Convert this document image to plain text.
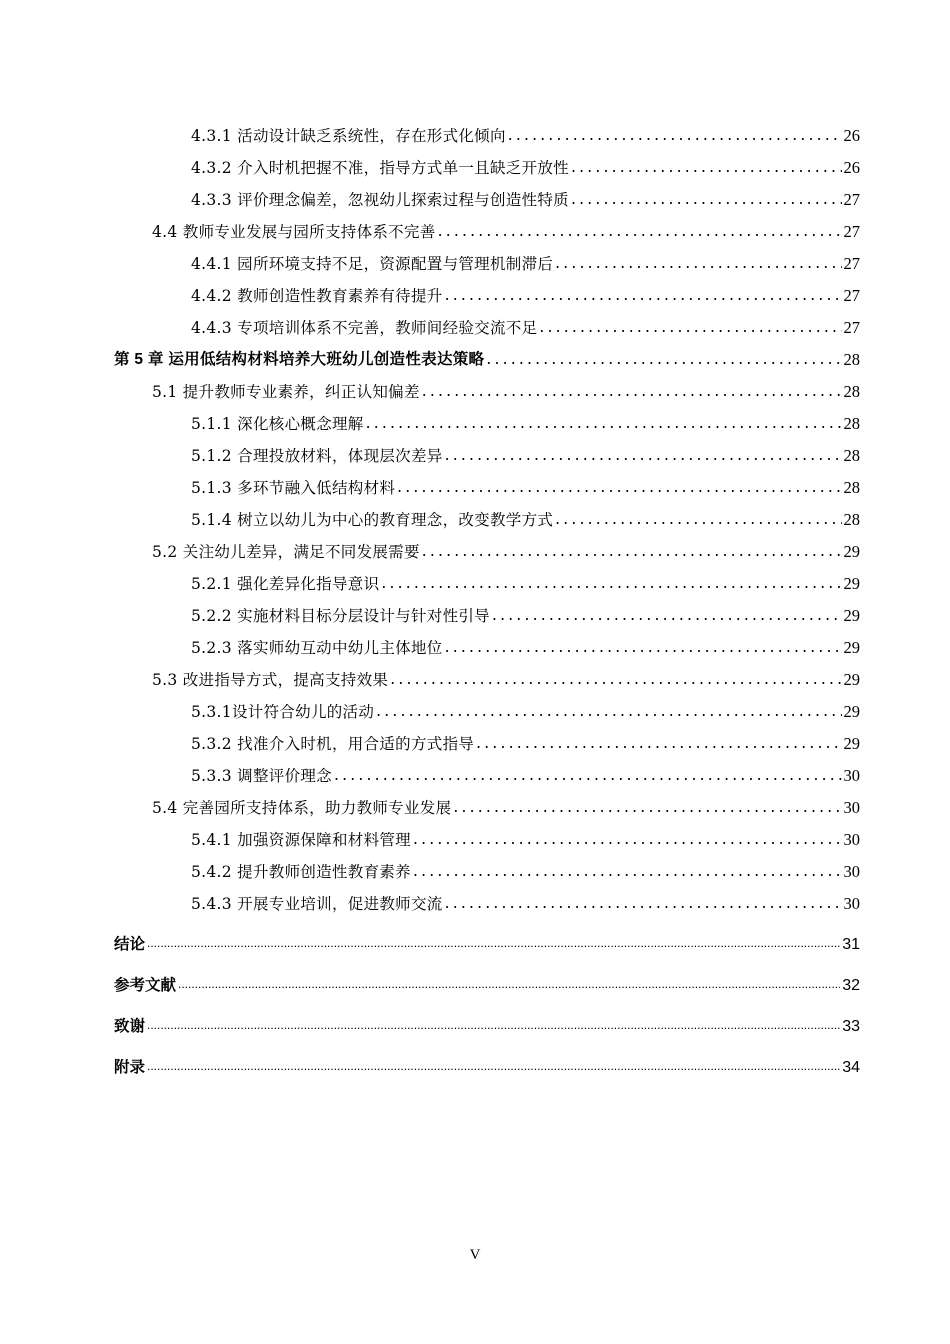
4.3.1 活动设计缺乏系统性，存在形式化倾向 .....	26
4.3.2 介入时机把握不准，指导方式单一且缺乏开放性 .....	26
4.3.3 评价理念偏差，忽视幼儿探索过程与创造性特质 .....	27
4.4 教师专业发展与园所支持体系不完善 .....	27
4.4.1 园所环境支持不足，资源配置与管理机制滞后 .....	27
4.4.2 教师创造性教育素养有待提升 .....	27
4.4.3 专项培训体系不完善，教师间经验交流不足 .....	27
第 5 章 运用低结构材料培养大班幼儿创造性表达策略 .....	28
5.1 提升教师专业素养，纠正认知偏差 .....	28
5.1.1 深化核心概念理解 .....	28
5.1.2 合理投放材料，体现层次差异 .....	28
5.1.3 多环节融入低结构材料 .....	28
5.1.4 树立以幼儿为中心的教育理念，改变教学方式 .....	28
5.2 关注幼儿差异，满足不同发展需要 .....	29
5.2.1 强化差异化指导意识 .....	29
5.2.2 实施材料目标分层设计与针对性引导 .....	29
5.2.3 落实师幼互动中幼儿主体地位 .....	29
5.3 改进指导方式，提高支持效果 .....	29
5.3.1设计符合幼儿的活动 .....	29
5.3.2 找准介入时机，用合适的方式指导 .....	29
5.3.3 调整评价理念 .....	30
5.4 完善园所支持体系，助力教师专业发展 .....	30
5.4.1 加强资源保障和材料管理 .....	30
5.4.2 提升教师创造性教育素养 .....	30
5.4.3 开展专业培训，促进教师交流 .....	30
结论 .....	31
参考文献 .....	32
致谢 .....	33
附录 .....	34
V
